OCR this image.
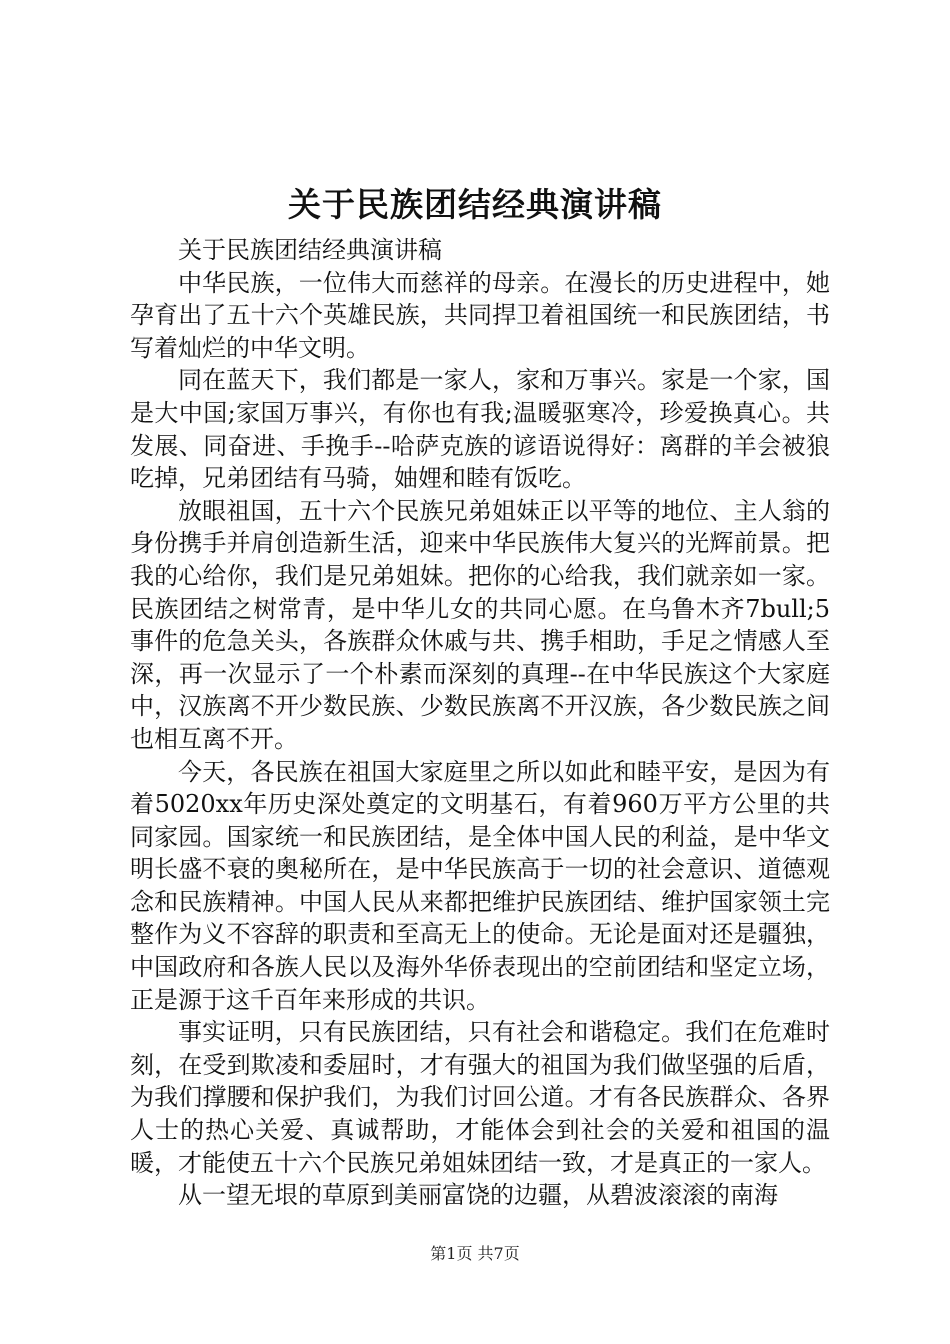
关于民族团结经典演讲稿

关于民族团结经典演讲稿

中华民族，一位伟大而慈祥的母亲。在漫长的历史进程中，她孕育出了五十六个英雄民族，共同捍卫着祖国统一和民族团结，书写着灿烂的中华文明。

同在蓝天下，我们都是一家人，家和万事兴。家是一个家，国是大中国;家国万事兴，有你也有我;温暖驱寒冷，珍爱换真心。共发展、同奋进、手挽手--哈萨克族的谚语说得好：离群的羊会被狼吃掉，兄弟团结有马骑，妯娌和睦有饭吃。

放眼祖国，五十六个民族兄弟姐妹正以平等的地位、主人翁的身份携手并肩创造新生活，迎来中华民族伟大复兴的光辉前景。把我的心给你，我们是兄弟姐妹。把你的心给我，我们就亲如一家。民族团结之树常青，是中华儿女的共同心愿。在乌鲁木齐7bull;5事件的危急关头，各族群众休戚与共、携手相助，手足之情感人至深，再一次显示了一个朴素而深刻的真理--在中华民族这个大家庭中，汉族离不开少数民族、少数民族离不开汉族，各少数民族之间也相互离不开。

今天，各民族在祖国大家庭里之所以如此和睦平安，是因为有着5020xx年历史深处奠定的文明基石，有着960万平方公里的共同家园。国家统一和民族团结，是全体中国人民的利益，是中华文明长盛不衰的奥秘所在，是中华民族高于一切的社会意识、道德观念和民族精神。中国人民从来都把维护民族团结、维护国家领土完整作为义不容辞的职责和至高无上的使命。无论是面对还是疆独，中国政府和各族人民以及海外华侨表现出的空前团结和坚定立场，正是源于这千百年来形成的共识。

事实证明，只有民族团结，只有社会和谐稳定。我们在危难时刻，在受到欺凌和委屈时，才有强大的祖国为我们做坚强的后盾，为我们撑腰和保护我们，为我们讨回公道。才有各民族群众、各界人士的热心关爱、真诚帮助，才能体会到社会的关爱和祖国的温暖，才能使五十六个民族兄弟姐妹团结一致，才是真正的一家人。

从一望无垠的草原到美丽富饶的边疆，从碧波滚滚的南海

第1页 共7页
